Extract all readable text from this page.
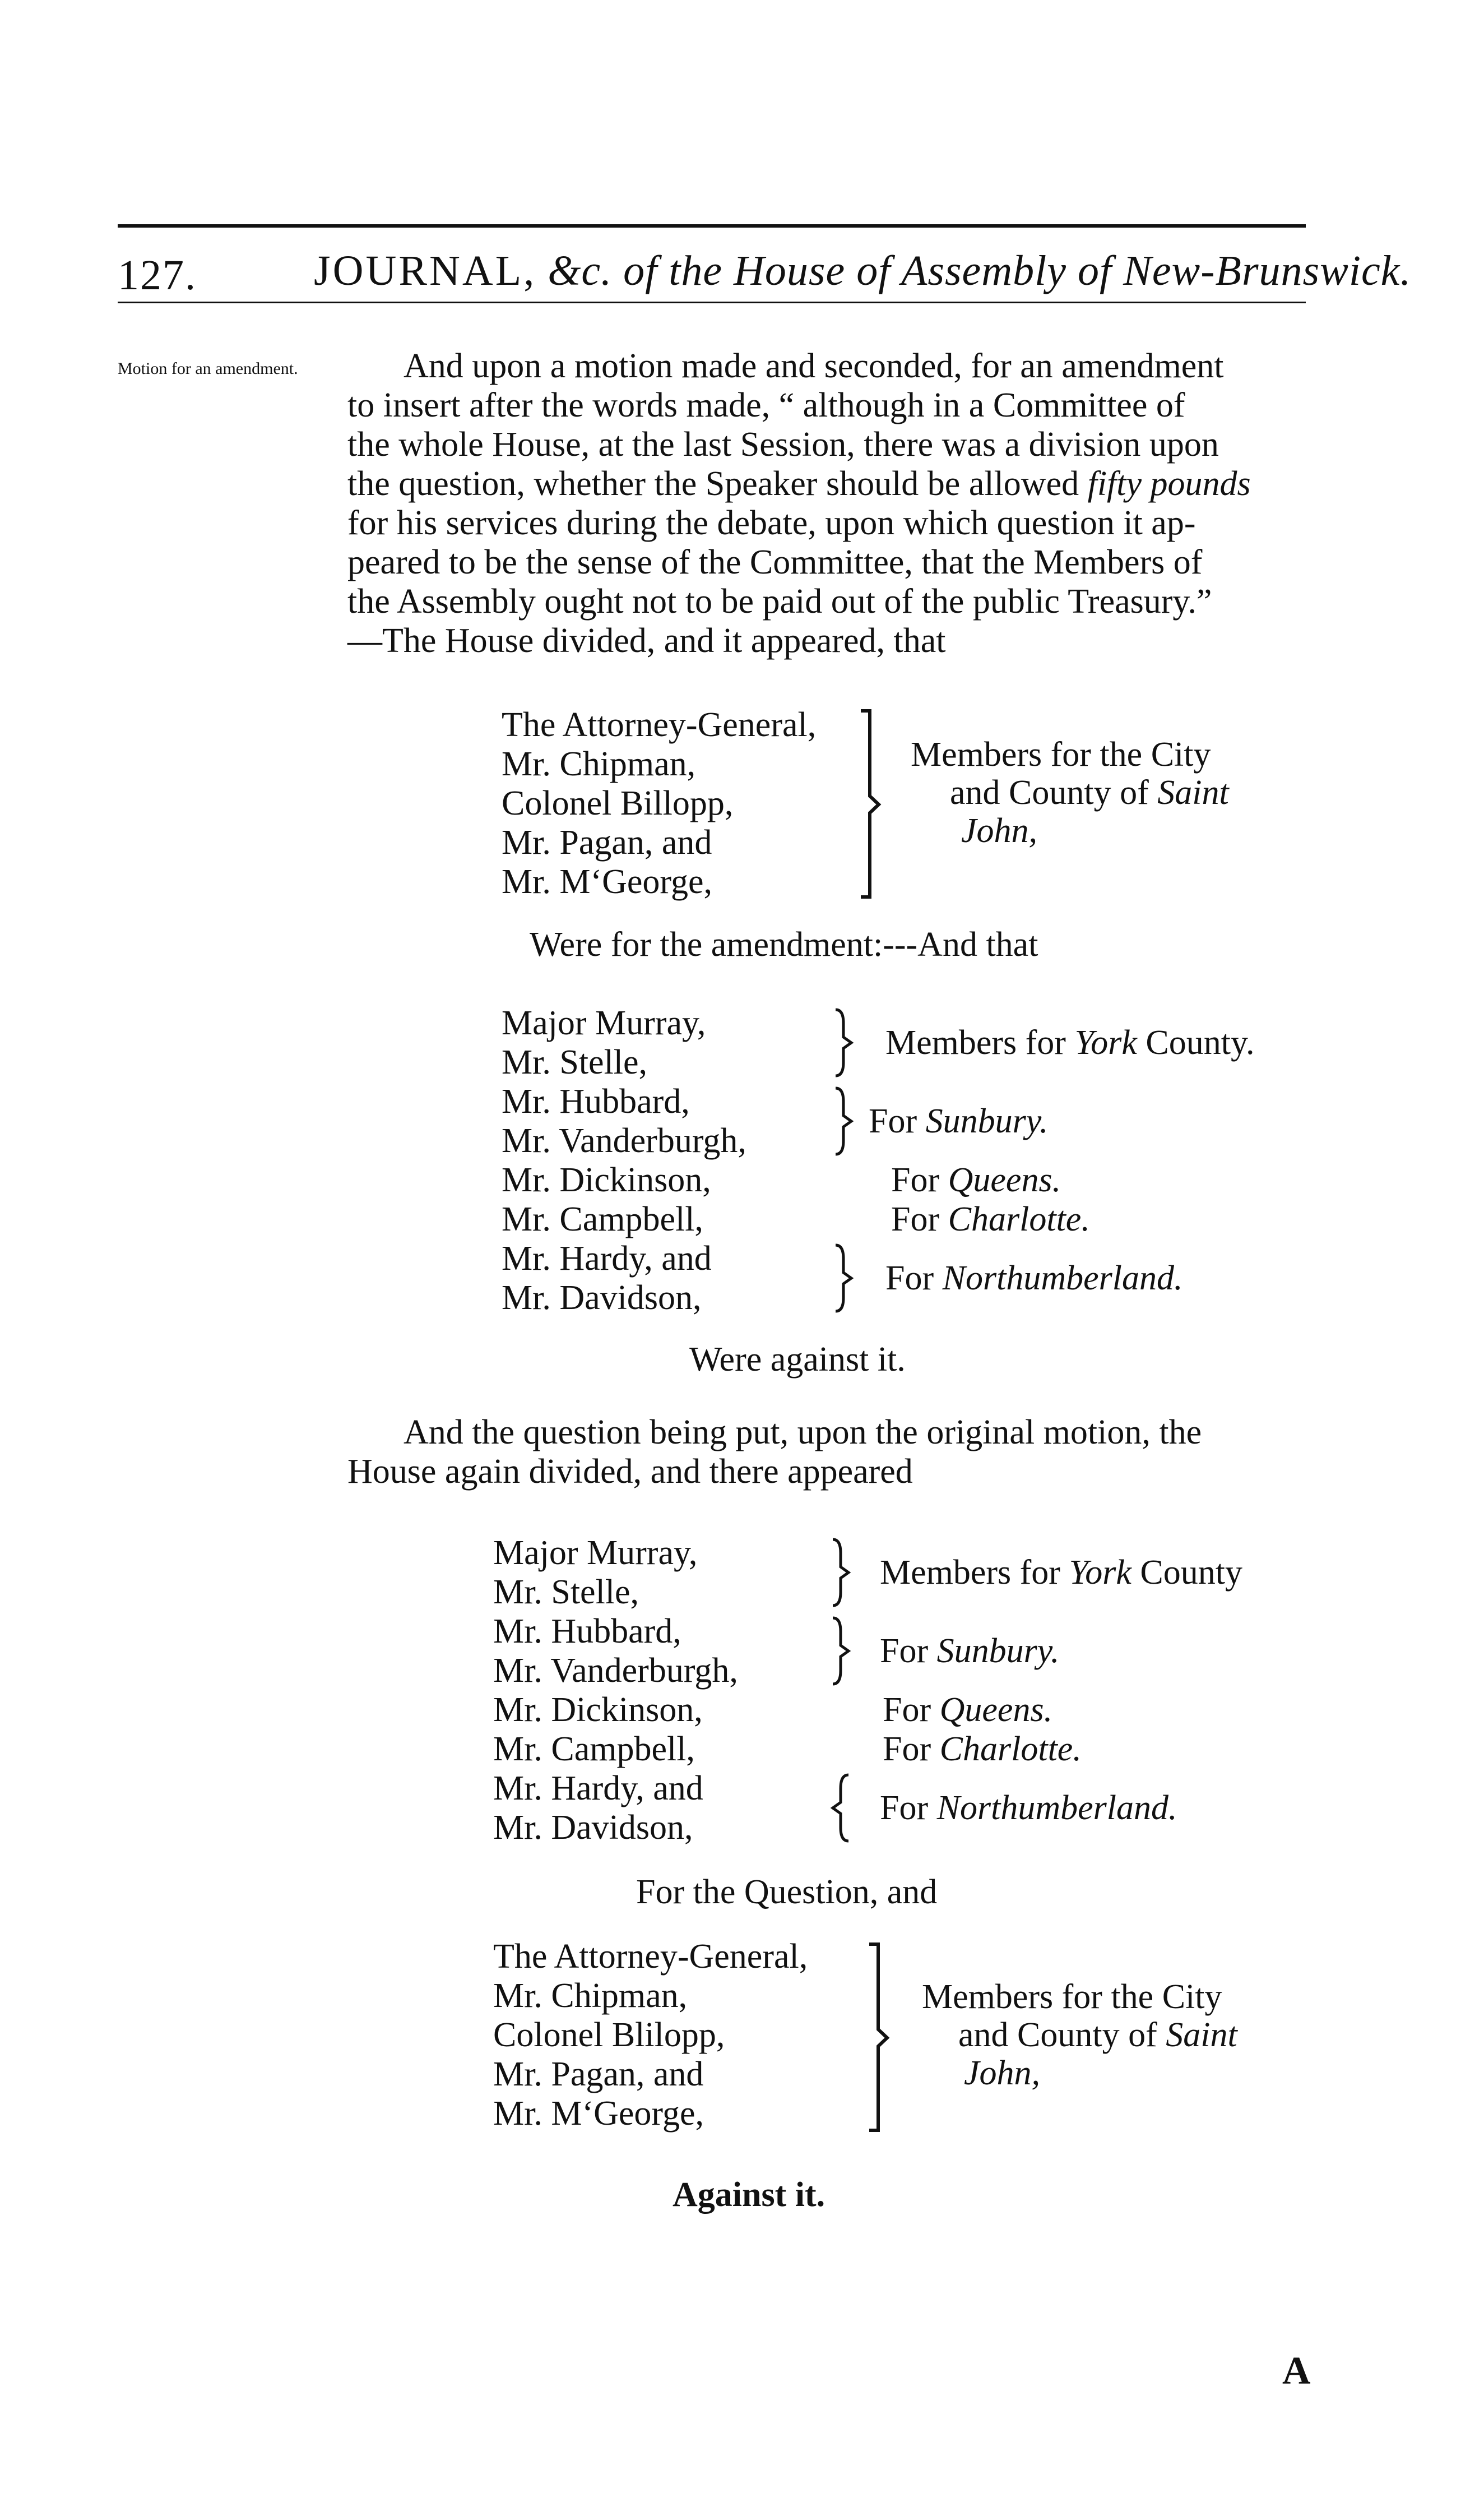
127.	JOURNAL, &c. of the House of Assembly of New-Brunswick.
Motion for an amendment.	And upon a motion made and seconded, for an amendment
to insert after the words made, “ although in a Committee of
the whole House, at the last Session, there was a division upon
the question, whether the Speaker should be allowed fifty pounds
for his services during the debate, upon which question it ap-
peared to be the sense of the Committee, that the Members of
the Assembly ought not to be paid out of the public Treasury.”
—The House divided, and it appeared, that
The Attorney-General,
Mr. Chipman,
Colonel Billopp,
Mr. Pagan, and
Mr. M‘George,
Members for the City
and County of Saint
John,
Were for the amendment:---And that
Major Murray,
Mr. Stelle,
Mr. Hubbard,
Mr. Vanderburgh,
Mr. Dickinson,
Mr. Campbell,
Mr. Hardy, and
Mr. Davidson,
Members for York County.
For Sunbury.
For Queens.
For Charlotte.
For Northumberland.
Were against it.
And the question being put, upon the original motion, the
House again divided, and there appeared
Major Murray,
Mr. Stelle,
Mr. Hubbard,
Mr. Vanderburgh,
Mr. Dickinson,
Mr. Campbell,
Mr. Hardy, and
Mr. Davidson,
Members for York County
For Sunbury.
For Queens.
For Charlotte.
For Northumberland.
For the Question, and
The Attorney-General,
Mr. Chipman,
Colonel Blilopp,
Mr. Pagan, and
Mr. M‘George,
Members for the City
and County of Saint
John,
Against it.
A
